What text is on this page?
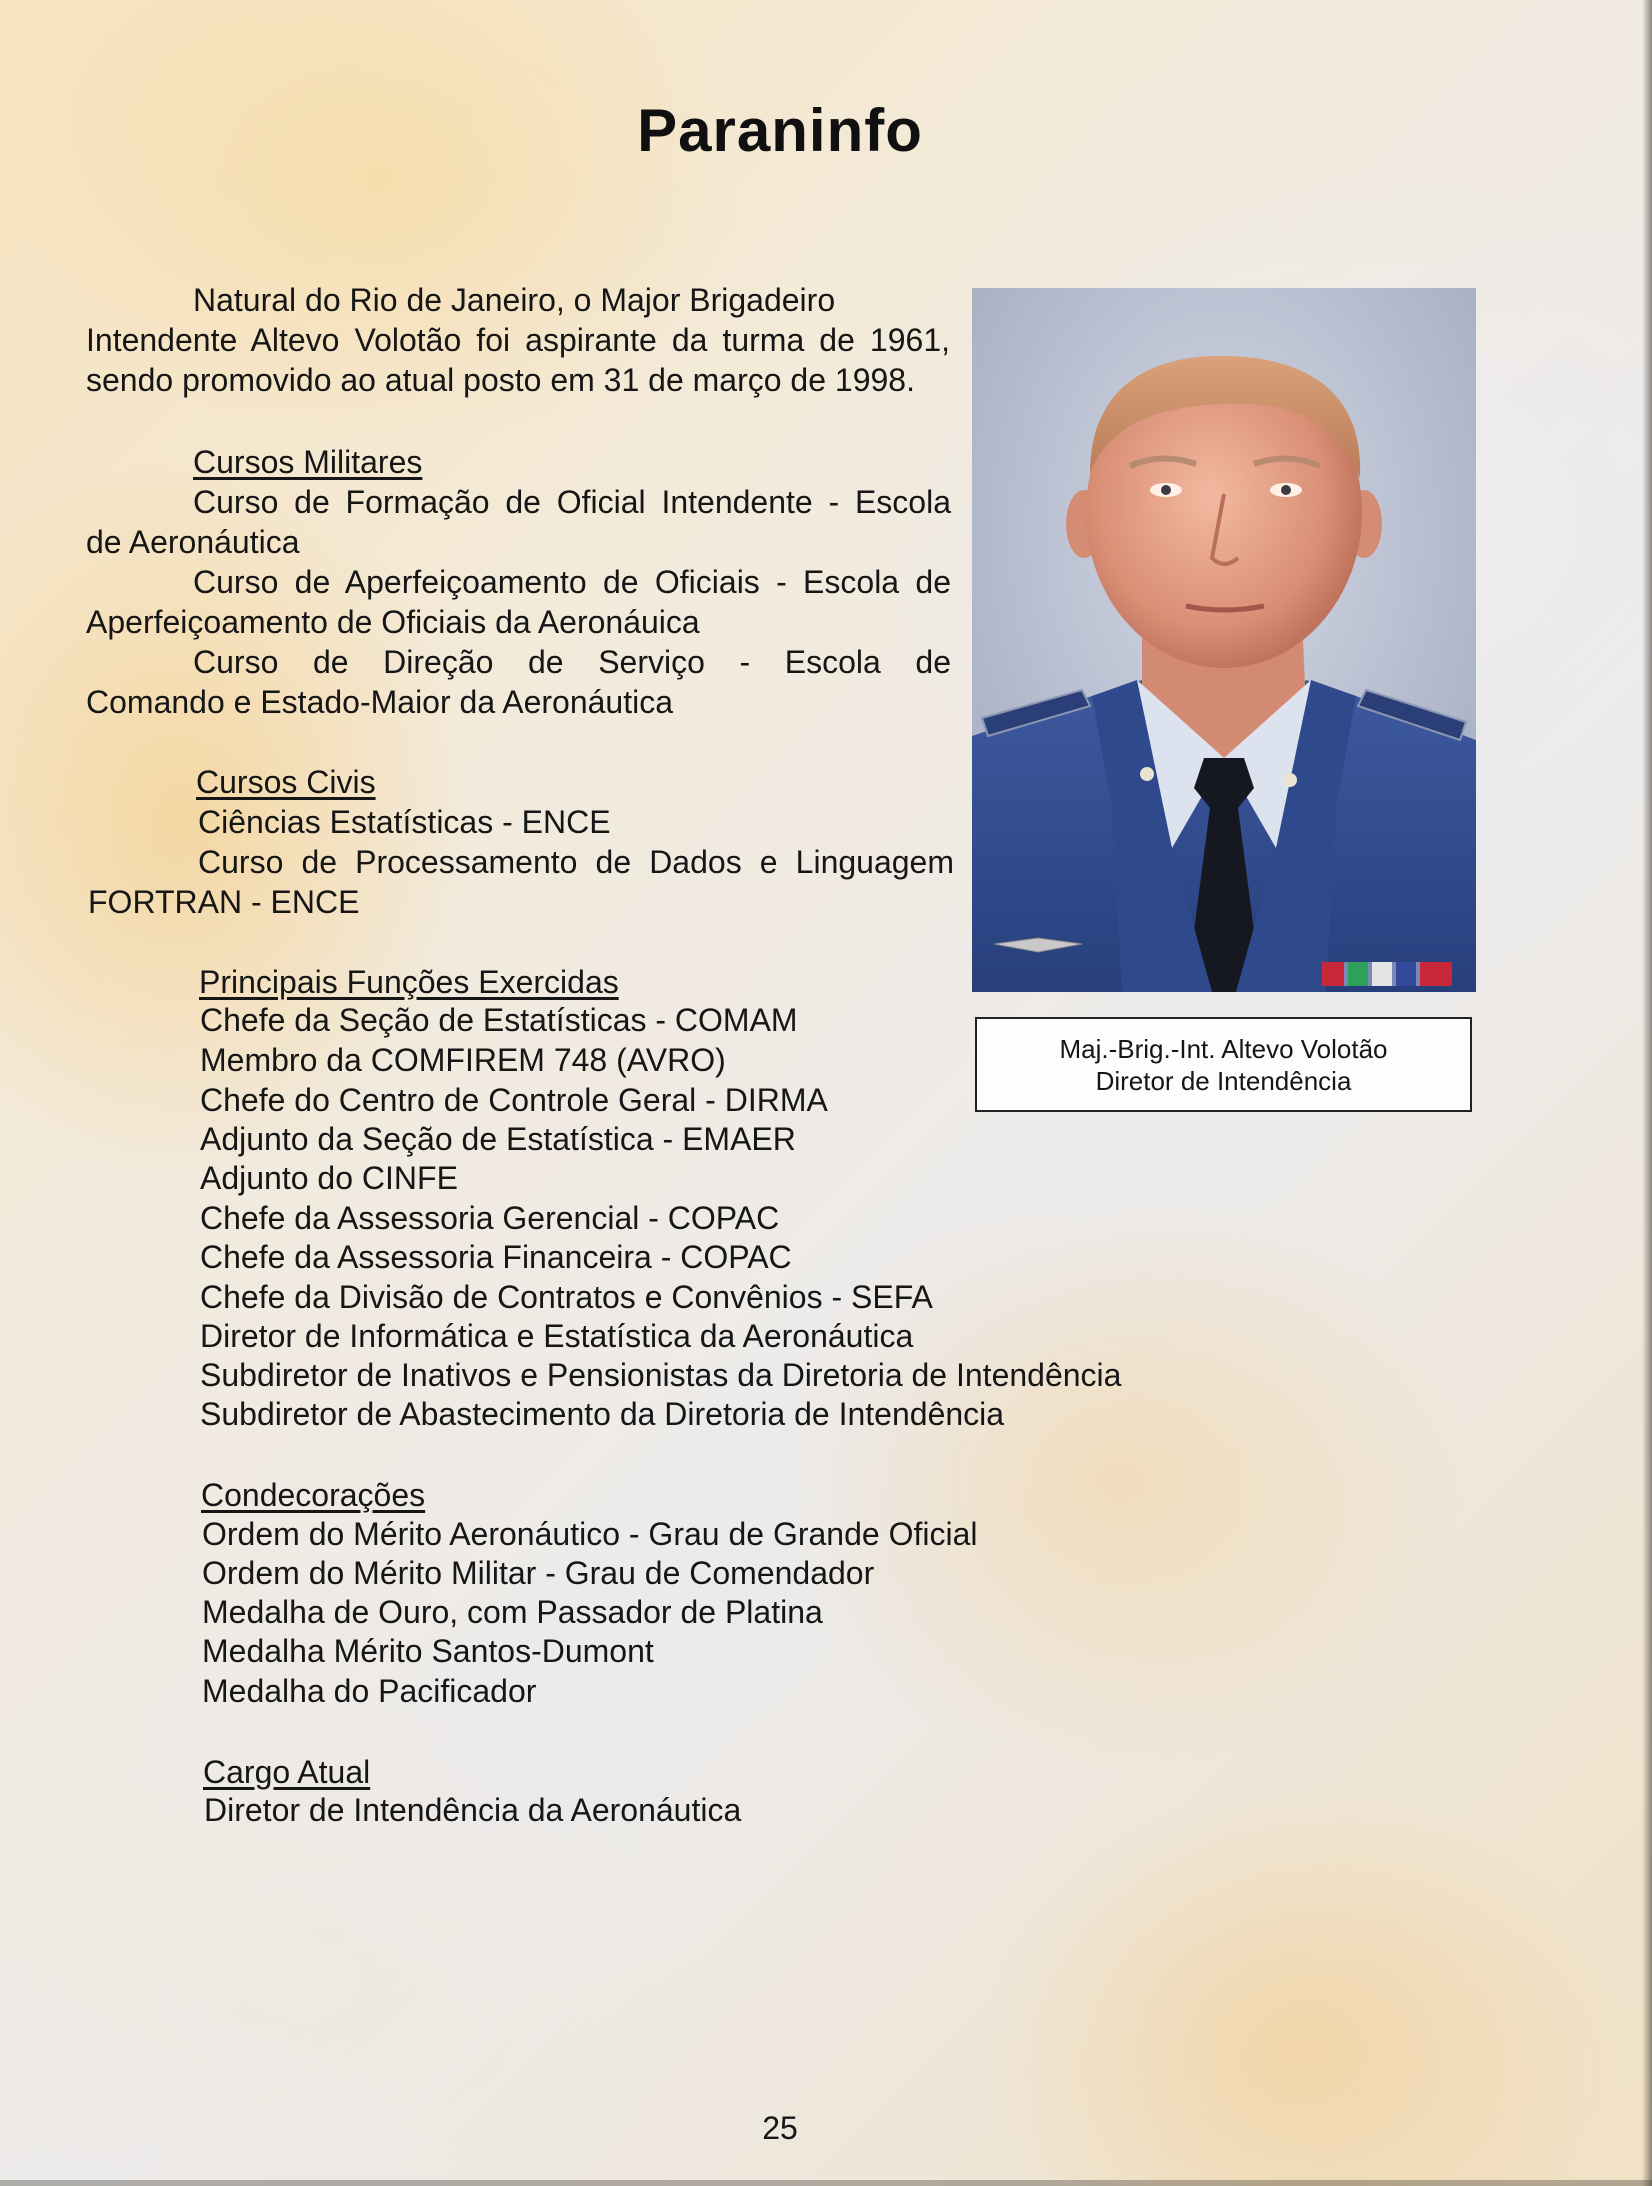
Paraninfo
Natural do Rio de Janeiro, o Major Brigadeiro
Intendente Altevo Volotão foi aspirante da turma de 1961,
sendo promovido ao atual posto em 31 de março de 1998.
Cursos Militares
Curso de Formação de Oficial Intendente - Escola
de Aeronáutica
Curso de Aperfeiçoamento de Oficiais - Escola de
Aperfeiçoamento de Oficiais da Aeronáuica
Curso de Direção de Serviço - Escola de
Comando e Estado-Maior da Aeronáutica
Cursos Civis
Ciências Estatísticas - ENCE
Curso de Processamento de Dados e Linguagem
FORTRAN - ENCE
Principais Funções Exercidas
Chefe da Seção de Estatísticas - COMAM
Membro da COMFIREM 748 (AVRO)
Chefe do Centro de Controle Geral - DIRMA
Adjunto da Seção de Estatística - EMAER
Adjunto do CINFE
Chefe da Assessoria Gerencial - COPAC
Chefe da Assessoria Financeira - COPAC
Chefe da Divisão de Contratos e Convênios - SEFA
Diretor de Informática e Estatística da Aeronáutica
Subdiretor de Inativos e Pensionistas da Diretoria de Intendência
Subdiretor de Abastecimento da Diretoria de Intendência
Condecorações
Ordem do Mérito Aeronáutico - Grau de Grande Oficial
Ordem do Mérito Militar - Grau de Comendador
Medalha de Ouro, com Passador de Platina
Medalha Mérito Santos-Dumont
Medalha do Pacificador
Cargo Atual
Diretor de Intendência da Aeronáutica
Maj.-Brig.-Int. Altevo Volotão
Diretor de Intendência
25
